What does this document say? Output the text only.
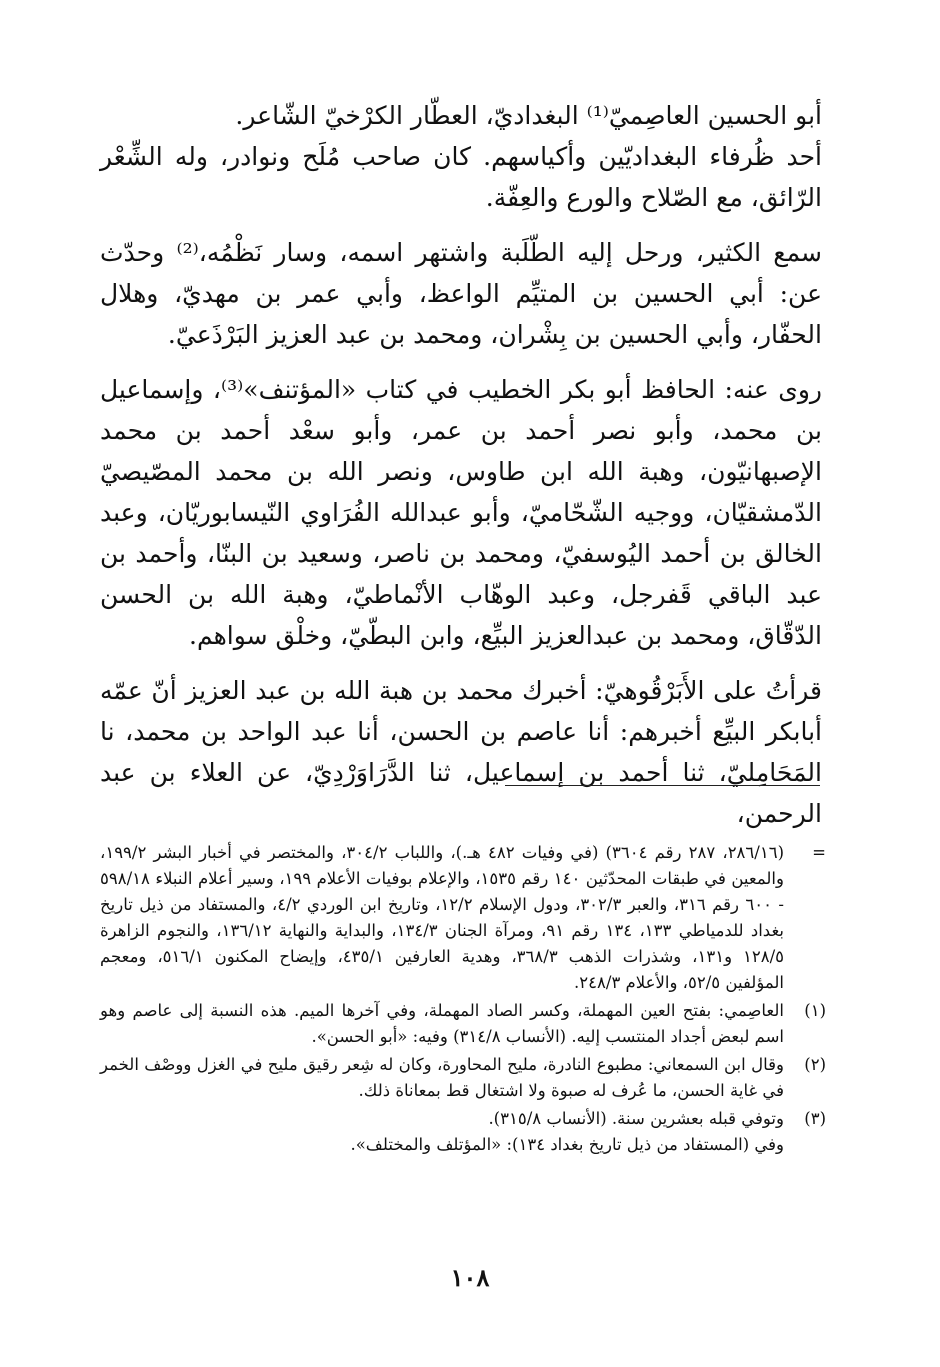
أبو الحسين العاصِميّ⁽¹⁾ البغداديّ، العطّار الكرْخيّ الشّاعر.

أحد ظُرفاء البغداديّين وأكياسهم. كان صاحب مُلَح ونوادر، وله الشِّعْر الرّائق، مع الصّلاح والورع والعِفّة.

سمع الكثير، ورحل إليه الطّلَبة واشتهر اسمه، وسار نَظْمُه،⁽²⁾ وحدّث عن: أبي الحسين بن المتيِّم الواعظ، وأبي عمر بن مهديّ، وهلال الحفّار، وأبي الحسين بن بِشْران، ومحمد بن عبد العزيز البَرْذَعيّ.

روى عنه: الحافظ أبو بكر الخطيب في كتاب «المؤتنف»⁽³⁾، وإسماعيل بن محمد، وأبو نصر أحمد بن عمر، وأبو سعْد أحمد بن محمد الإصبهانيّون، وهبة الله ابن طاوس، ونصر الله بن محمد المصّيصيّ الدّمشقيّان، ووجيه الشّحّاميّ، وأبو عبدالله الفُرَاوي النّيسابوريّان، وعبد الخالق بن أحمد اليُوسفيّ، ومحمد بن ناصر، وسعيد بن البنّا، وأحمد بن عبد الباقي قَفرجل، وعبد الوهّاب الأنْماطيّ، وهبة الله بن الحسن الدّقّاق، ومحمد بن عبدالعزيز البيِّع، وابن البطّيّ، وخلْق سواهم.

قرأتُ على الأَبَرْقُوهيّ: أخبرك محمد بن هبة الله بن عبد العزيز أنّ عمّه أبابكر البيِّع أخبرهم: أنا عاصم بن الحسن، أنا عبد الواحد بن محمد، نا المَحَامِليّ، ثنا أحمد بن إسماعيل، ثنا الدَّرَاوَرْدِيّ، عن العلاء بن عبد الرحمن،

=
(٢٨٦/١٦، ٢٨٧ رقم ٣٦٠٤) (في وفيات ٤٨٢ هـ.)، واللباب ٣٠٤/٢، والمختصر في أخبار البشر ١٩٩/٢، والمعين في طبقات المحدّثين ١٤٠ رقم ١٥٣٥، والإعلام بوفيات الأعلام ١٩٩، وسير أعلام النبلاء ٥٩٨/١٨ - ٦٠٠ رقم ٣١٦، والعبر ٣٠٢/٣، ودول الإسلام ١٢/٢، وتاريخ ابن الوردي ٤/٢، والمستفاد من ذيل تاريخ بغداد للدمياطي ١٣٣، ١٣٤ رقم ٩١، ومرآة الجنان ١٣٤/٣، والبداية والنهاية ١٣٦/١٢، والنجوم الزاهرة ١٢٨/٥ و١٣١، وشذرات الذهب ٣٦٨/٣، وهدية العارفين ٤٣٥/١، وإيضاح المكنون ٥١٦/١، ومعجم المؤلفين ٥٢/٥، والأعلام ٢٤٨/٣.
(١)
العاصِمي: بفتح العين المهملة، وكسر الصاد المهملة، وفي آخرها الميم. هذه النسبة إلى عاصم وهو اسم لبعض أجداد المنتسب إليه. (الأنساب ٣١٤/٨) وفيه: «أبو الحسن».
(٢)
وقال ابن السمعاني: مطبوع النادرة، مليح المحاورة، وكان له شِعر رقيق مليح في الغزل ووصْف الخمر في غاية الحسن، ما عُرف له صبوة ولا اشتغال قط بمعاناة ذلك.
(٣)
وتوفي قبله بعشرين سنة. (الأنساب ٣١٥/٨).
وفي (المستفاد من ذيل تاريخ بغداد ١٣٤): «المؤتلف والمختلف».
١٠٨
